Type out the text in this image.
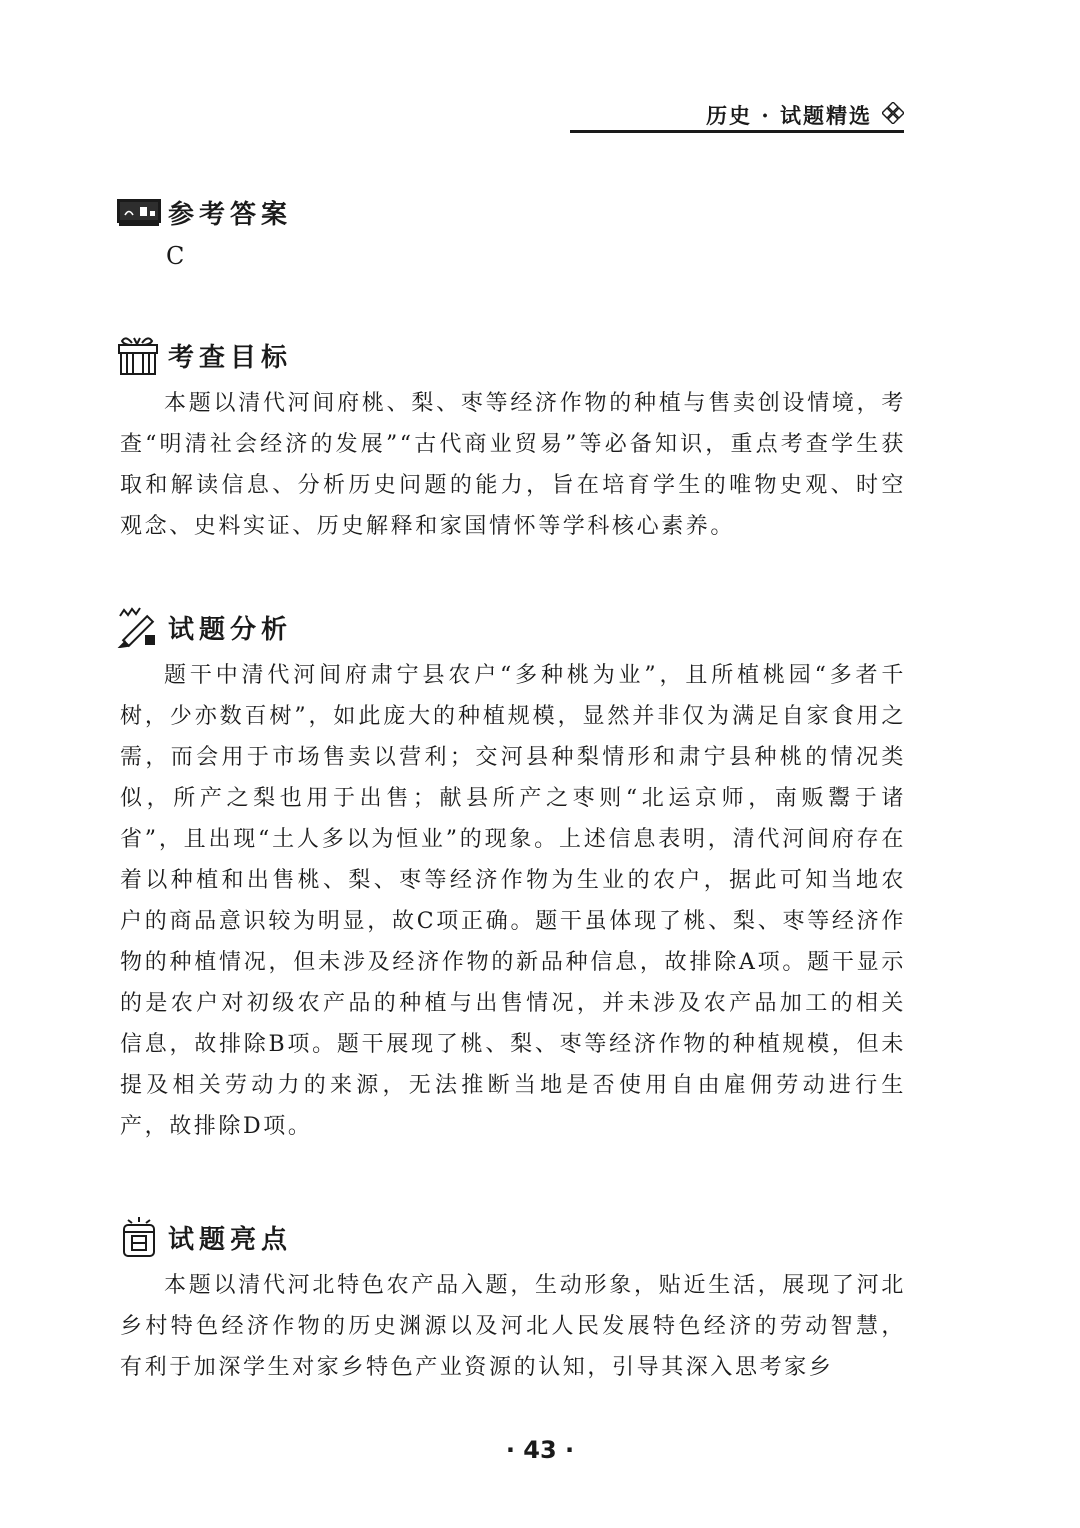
历史 · 试题精选
参考答案
C
考查目标

本题以清代河间府桃、梨、枣等经济作物的种植与售卖创设情境，考查“明清社会经济的发展”“古代商业贸易”等必备知识，重点考查学生获取和解读信息、分析历史问题的能力，旨在培育学生的唯物史观、时空观念、史料实证、历史解释和家国情怀等学科核心素养。

试题分析

题干中清代河间府肃宁县农户“多种桃为业”，且所植桃园“多者千树，少亦数百树”，如此庞大的种植规模，显然并非仅为满足自家食用之需，而会用于市场售卖以营利；交河县种梨情形和肃宁县种桃的情况类似，所产之梨也用于出售；献县所产之枣则“北运京师，南贩鬻于诸省”，且出现“土人多以为恒业”的现象。上述信息表明，清代河间府存在着以种植和出售桃、梨、枣等经济作物为生业的农户，据此可知当地农户的商品意识较为明显，故C项正确。题干虽体现了桃、梨、枣等经济作物的种植情况，但未涉及经济作物的新品种信息，故排除A项。题干显示的是农户对初级农产品的种植与出售情况，并未涉及农产品加工的相关信息，故排除B项。题干展现了桃、梨、枣等经济作物的种植规模，但未提及相关劳动力的来源，无法推断当地是否使用自由雇佣劳动进行生产，故排除D项。

试题亮点

本题以清代河北特色农产品入题，生动形象，贴近生活，展现了河北乡村特色经济作物的历史渊源以及河北人民发展特色经济的劳动智慧，有利于加深学生对家乡特色产业资源的认知，引导其深入思考家乡

· 43 ·
